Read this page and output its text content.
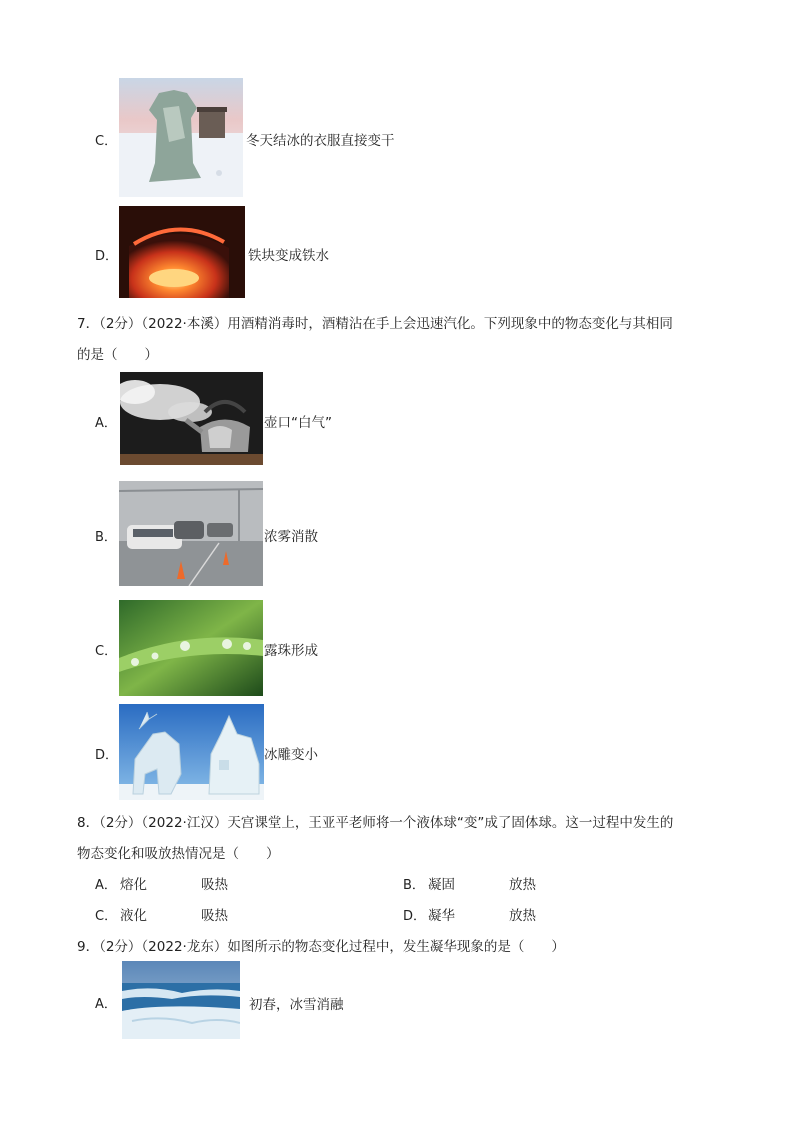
C．	冬天结冰的衣服直接变干
D．	铁块变成铁水
7．（2分）（2022·本溪）用酒精消毒时，酒精沾在手上会迅速汽化。下列现象中的物态变化与其相同
的是（　　）
A．	壶口“白气”
B．	浓雾消散
C．	露珠形成
D．	冰雕变小
8．（2分）（2022·江汉）天宫课堂上，王亚平老师将一个液体球“变”成了固体球。这一过程中发生的
物态变化和吸放热情况是（　　）
A． 熔化	吸热	B． 凝固	放热
C． 液化	吸热	D． 凝华	放热
9．（2分）（2022·龙东）如图所示的物态变化过程中，发生凝华现象的是（　　）
A．	初春，冰雪消融
